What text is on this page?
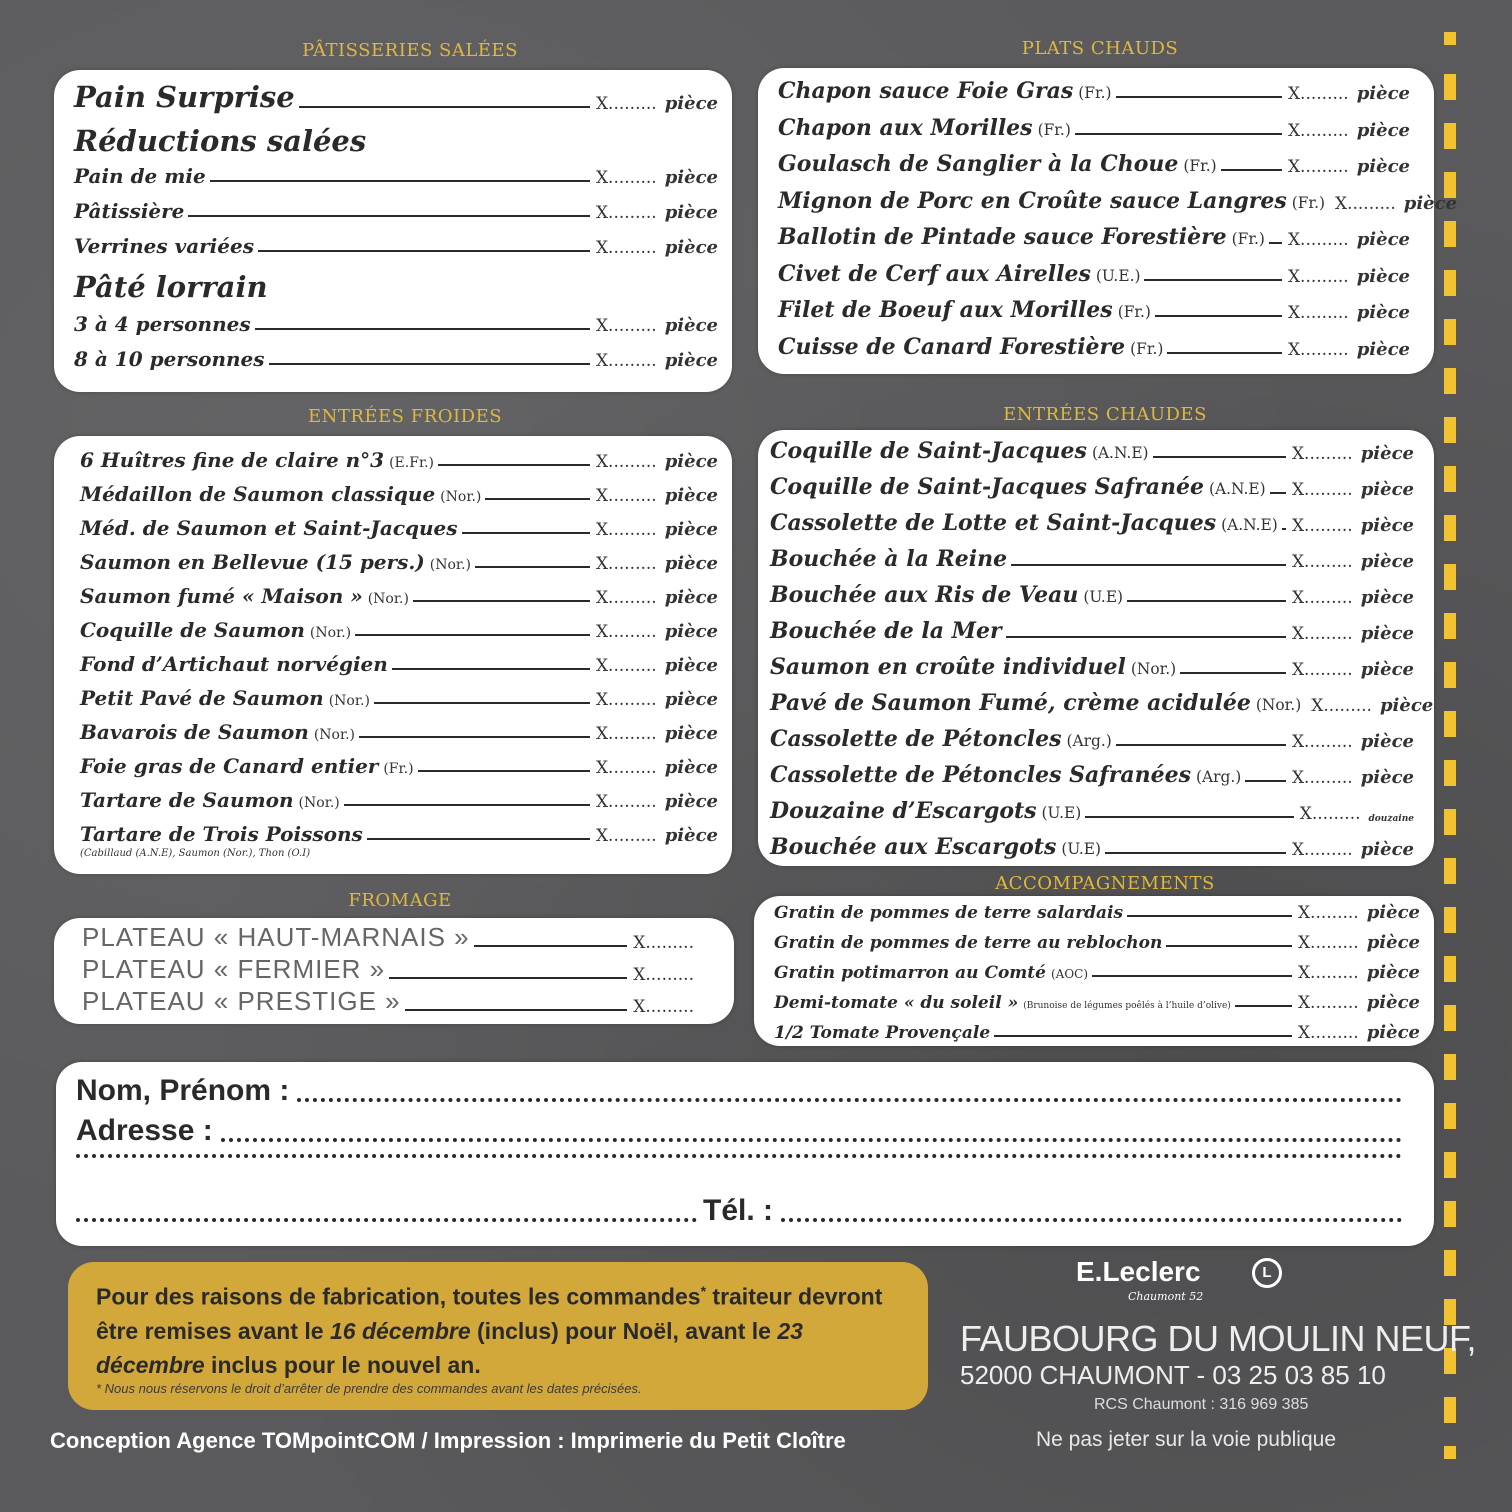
PÂTISSERIES SALÉES	PLATS CHAUDS
ENTRÉES FROIDES	ENTRÉES CHAUDES
FROMAGE
ACCOMPAGNEMENTS
Pain Surprise	X......... pièce
Réductions salées
Pain de mie	X......... pièce
Pâtissière	X......... pièce
Verrines variées	X......... pièce
Pâté lorrain
3 à 4 personnes	X......... pièce
8 à 10 personnes	X......... pièce
Chapon sauce Foie Gras (Fr.)	X......... pièce
Chapon aux Morilles (Fr.)	X......... pièce
Goulasch de Sanglier à la Choue (Fr.)	X......... pièce
Mignon de Porc en Croûte sauce Langres (Fr.) X......... pièce
Ballotin de Pintade sauce Forestière (Fr.) X......... pièce
Civet de Cerf aux Airelles (U.E.)	X......... pièce
Filet de Boeuf aux Morilles (Fr.)	X......... pièce
Cuisse de Canard Forestière (Fr.)	X......... pièce
6 Huîtres fine de claire n°3 (E.Fr.)	X......... pièce
Médaillon de Saumon classique (Nor.)	X......... pièce
Méd. de Saumon et Saint-Jacques	X......... pièce
Saumon en Bellevue (15 pers.) (Nor.)	X......... pièce
Saumon fumé « Maison » (Nor.)	X......... pièce
Coquille de Saumon (Nor.)	X......... pièce
Fond d’Artichaut norvégien	X......... pièce
Petit Pavé de Saumon (Nor.)	X......... pièce
Bavarois de Saumon (Nor.)	X......... pièce
Foie gras de Canard entier (Fr.)	X......... pièce
Tartare de Saumon (Nor.)	X......... pièce
Tartare de Trois Poissons	X......... pièce
(Cabillaud (A.N.E), Saumon (Nor.), Thon (O.I)
Coquille de Saint-Jacques (A.N.E)	X......... pièce
Coquille de Saint-Jacques Safranée (A.N.E) X......... pièce
Cassolette de Lotte et Saint-Jacques (A.N.E) X......... pièce
Bouchée à la Reine	X......... pièce
Bouchée aux Ris de Veau (U.E)	X......... pièce
Bouchée de la Mer	X......... pièce
Saumon en croûte individuel (Nor.)	X......... pièce
Pavé de Saumon Fumé, crème acidulée (Nor.) X......... pièce
Cassolette de Pétoncles (Arg.)	X......... pièce
Cassolette de Pétoncles Safranées (Arg.)	X......... pièce
Douzaine d’Escargots (U.E)	X......... douzaine
Bouchée aux Escargots (U.E)	X......... pièce
PLATEAU « HAUT-MARNAIS »	X.........
PLATEAU « FERMIER »	X.........
PLATEAU « PRESTIGE »	X.........
Gratin de pommes de terre salardais	X......... pièce
Gratin de pommes de terre au reblochon	X......... pièce
Gratin potimarron au Comté (AOC)	X......... pièce
Demi-tomate « du soleil » (Brunoise de légumes poêlés à l’huile d’olive)	X......... pièce
1/2 Tomate Provençale	X......... pièce
Nom, Prénom :
Adresse :
Tél. :
Pour des raisons de fabrication, toutes les commandes* traiteur devront être remises avant le 16 décembre (inclus) pour Noël, avant le 23 décembre inclus pour le nouvel an.
* Nous nous réservons le droit d’arrêter de prendre des commandes avant les dates précisées.
E.Leclerc	L
Chaumont 52
FAUBOURG DU MOULIN NEUF,
52000 CHAUMONT - 03 25 03 85 10
RCS Chaumont : 316 969 385
Conception Agence TOMpointCOM / Impression : Imprimerie du Petit Cloître	Ne pas jeter sur la voie publique
